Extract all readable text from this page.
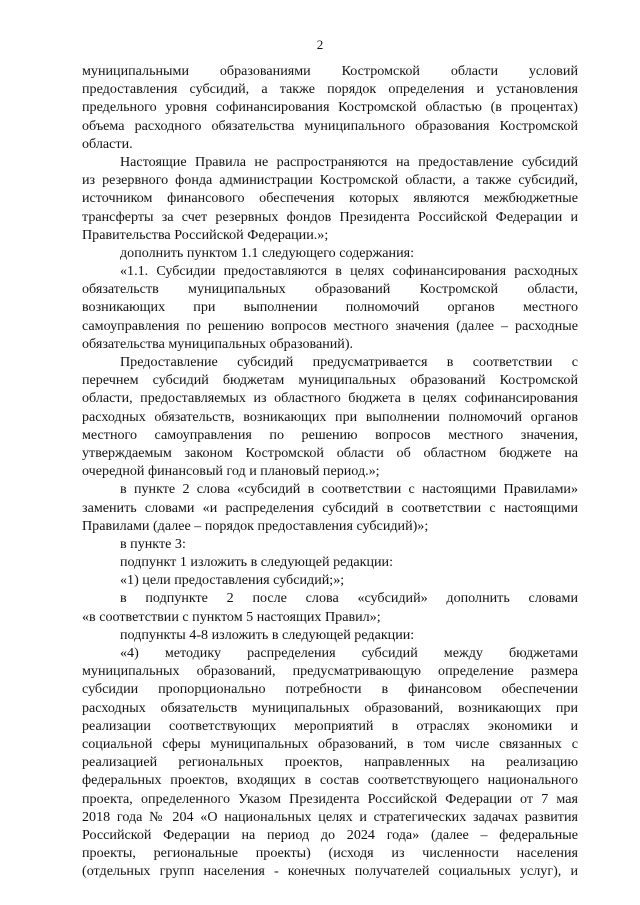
2
муниципальными образованиями Костромской области условий
предоставления субсидий, а также порядок определения и установления
предельного уровня софинансирования Костромской областью (в процентах)
объема расходного обязательства муниципального образования Костромской
области.
Настоящие Правила не распространяются на предоставление субсидий
из резервного фонда администрации Костромской области, а также субсидий,
источником финансового обеспечения которых являются межбюджетные
трансферты за счет резервных фондов Президента Российской Федерации и
Правительства Российской Федерации.»;
дополнить пунктом 1.1 следующего содержания:
«1.1. Субсидии предоставляются в целях софинансирования расходных
обязательств муниципальных образований Костромской области,
возникающих при выполнении полномочий органов местного
самоуправления по решению вопросов местного значения (далее – расходные
обязательства муниципальных образований).
Предоставление субсидий предусматривается в соответствии с
перечнем субсидий бюджетам муниципальных образований Костромской
области, предоставляемых из областного бюджета в целях софинансирования
расходных обязательств, возникающих при выполнении полномочий органов
местного самоуправления по решению вопросов местного значения,
утверждаемым законом Костромской области об областном бюджете на
очередной финансовый год и плановый период.»;
в пункте 2 слова «субсидий в соответствии с настоящими Правилами»
заменить словами «и распределения субсидий в соответствии с настоящими
Правилами (далее – порядок предоставления субсидий)»;
в пункте 3:
подпункт 1 изложить в следующей редакции:
«1) цели предоставления субсидий;»;
в подпункте 2 после слова «субсидий» дополнить словами
«в соответствии с пунктом 5 настоящих Правил»;
подпункты 4-8 изложить в следующей редакции:
«4) методику распределения субсидий между бюджетами
муниципальных образований, предусматривающую определение размера
субсидии пропорционально потребности в финансовом обеспечении
расходных обязательств муниципальных образований, возникающих при
реализации соответствующих мероприятий в отраслях экономики и
социальной сферы муниципальных образований, в том числе связанных с
реализацией региональных проектов, направленных на реализацию
федеральных проектов, входящих в состав соответствующего национального
проекта, определенного Указом Президента Российской Федерации от 7 мая
2018 года № 204 «О национальных целях и стратегических задачах развития
Российской Федерации на период до 2024 года» (далее – федеральные
проекты, региональные проекты) (исходя из численности населения
(отдельных групп населения - конечных получателей социальных услуг), и
